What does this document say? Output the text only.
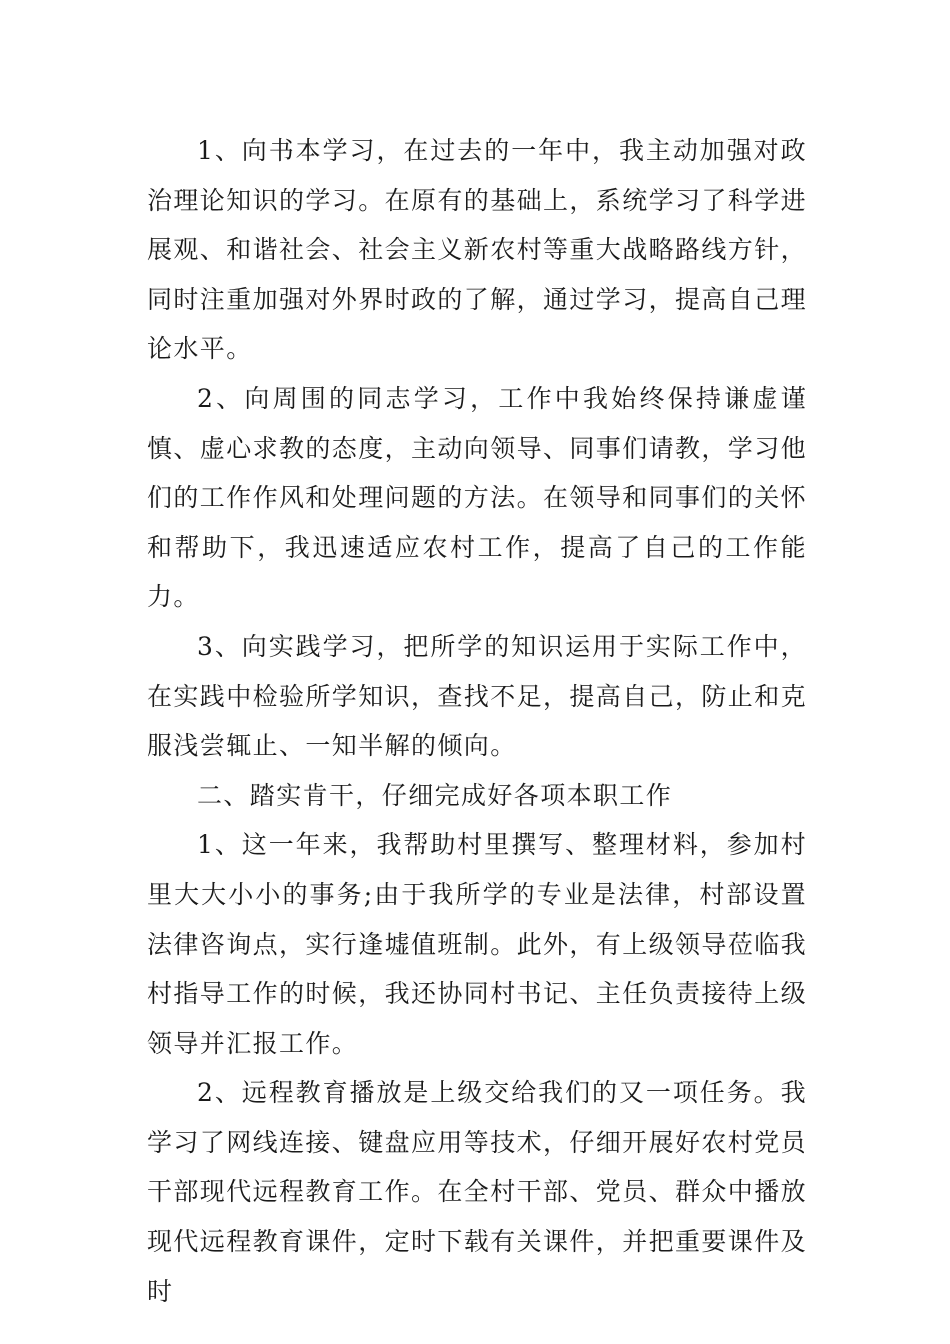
1、向书本学习，在过去的一年中，我主动加强对政治理论知识的学习。在原有的基础上，系统学习了科学进展观、和谐社会、社会主义新农村等重大战略路线方针，同时注重加强对外界时政的了解，通过学习，提高自己理论水平。

2、向周围的同志学习，工作中我始终保持谦虚谨慎、虚心求教的态度，主动向领导、同事们请教，学习他们的工作作风和处理问题的方法。在领导和同事们的关怀和帮助下，我迅速适应农村工作，提高了自己的工作能力。

3、向实践学习，把所学的知识运用于实际工作中，在实践中检验所学知识，查找不足，提高自己，防止和克服浅尝辄止、一知半解的倾向。

二、踏实肯干，仔细完成好各项本职工作

1、这一年来，我帮助村里撰写、整理材料，参加村里大大小小的事务;由于我所学的专业是法律，村部设置法律咨询点，实行逢墟值班制。此外，有上级领导莅临我村指导工作的时候，我还协同村书记、主任负责接待上级领导并汇报工作。

2、远程教育播放是上级交给我们的又一项任务。我学习了网线连接、键盘应用等技术，仔细开展好农村党员干部现代远程教育工作。在全村干部、党员、群众中播放现代远程教育课件，定时下载有关课件，并把重要课件及时
